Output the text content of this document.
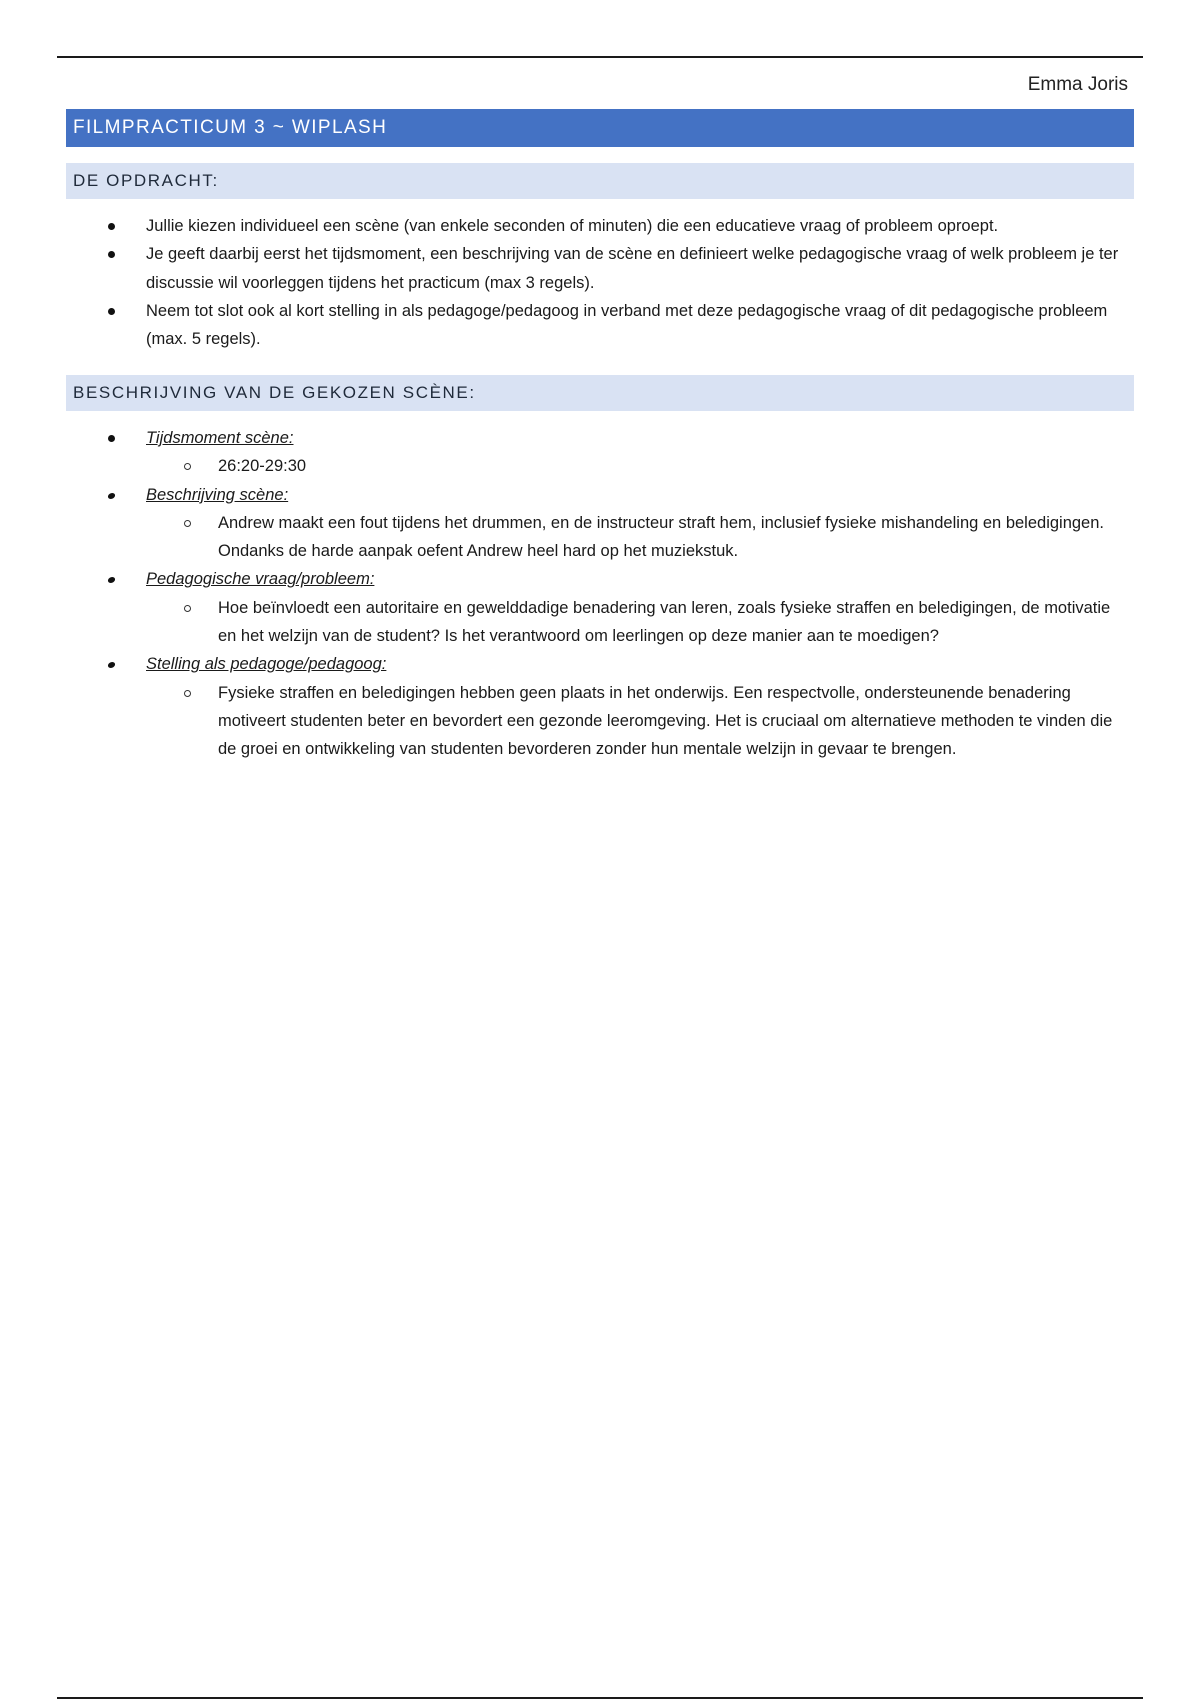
Emma Joris
FILMPRACTICUM 3 ~ WIPLASH
DE OPDRACHT:
Jullie kiezen individueel een scène (van enkele seconden of minuten) die een educatieve vraag of probleem oproept.
Je geeft daarbij eerst het tijdsmoment, een beschrijving van de scène en definieert welke pedagogische vraag of welk probleem je ter discussie wil voorleggen tijdens het practicum (max 3 regels).
Neem tot slot ook al kort stelling in als pedagoge/pedagoog in verband met deze pedagogische vraag of dit pedagogische probleem (max. 5 regels).
BESCHRIJVING VAN DE GEKOZEN SCÈNE:
Tijdsmoment scène:
26:20-29:30
Beschrijving scène:
Andrew maakt een fout tijdens het drummen, en de instructeur straft hem, inclusief fysieke mishandeling en beledigingen. Ondanks de harde aanpak oefent Andrew heel hard op het muziekstuk.
Pedagogische vraag/probleem:
Hoe beïnvloedt een autoritaire en gewelddadige benadering van leren, zoals fysieke straffen en beledigingen, de motivatie en het welzijn van de student? Is het verantwoord om leerlingen op deze manier aan te moedigen?
Stelling als pedagoge/pedagoog:
Fysieke straffen en beledigingen hebben geen plaats in het onderwijs. Een respectvolle, ondersteunende benadering motiveert studenten beter en bevordert een gezonde leeromgeving. Het is cruciaal om alternatieve methoden te vinden die de groei en ontwikkeling van studenten bevorderen zonder hun mentale welzijn in gevaar te brengen.
